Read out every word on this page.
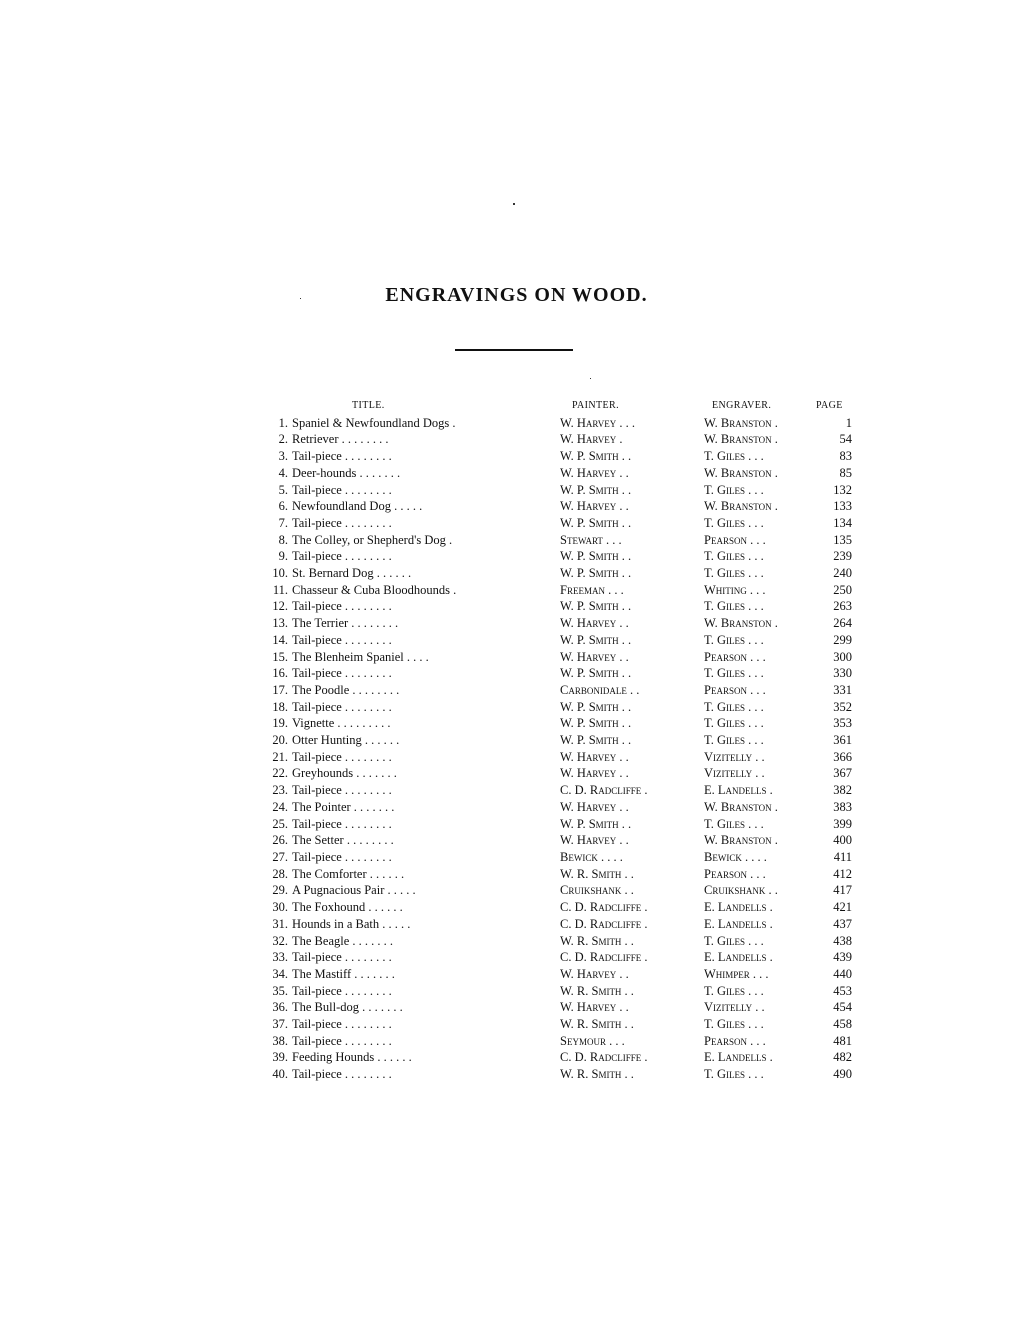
ENGRAVINGS ON WOOD.
	TITLE.	PAINTER.	ENGRAVER.	PAGE
1.	Spaniel & Newfoundland Dogs .	W. Harvey . . .	W. Branston .	1
2.	Retriever . . . . . . . .	W. Harvey .	W. Branston .	54
3.	Tail-piece . . . . . . . .	W. P. Smith . .	T. Giles . . .	83
4.	Deer-hounds . . . . . . .	W. Harvey . .	W. Branston .	85
5.	Tail-piece . . . . . . . .	W. P. Smith . .	T. Giles . . .	132
6.	Newfoundland Dog . . . . .	W. Harvey . .	W. Branston .	133
7.	Tail-piece . . . . . . . .	W. P. Smith . .	T. Giles . . .	134
8.	The Colley, or Shepherd's Dog .	Stewart . . .	Pearson . . .	135
9.	Tail-piece . . . . . . . .	W. P. Smith . .	T. Giles . . .	239
10.	St. Bernard Dog . . . . . .	W. P. Smith . .	T. Giles . . .	240
11.	Chasseur & Cuba Bloodhounds .	Freeman . . .	Whiting . . .	250
12.	Tail-piece . . . . . . . .	W. P. Smith . .	T. Giles . . .	263
13.	The Terrier . . . . . . . .	W. Harvey . .	W. Branston .	264
14.	Tail-piece . . . . . . . .	W. P. Smith . .	T. Giles . . .	299
15.	The Blenheim Spaniel . . . .	W. Harvey . .	Pearson . . .	300
16.	Tail-piece . . . . . . . .	W. P. Smith . .	T. Giles . . .	330
17.	The Poodle . . . . . . . .	Carbonidale . .	Pearson . . .	331
18.	Tail-piece . . . . . . . .	W. P. Smith . .	T. Giles . . .	352
19.	Vignette . . . . . . . . .	W. P. Smith . .	T. Giles . . .	353
20.	Otter Hunting . . . . . .	W. P. Smith . .	T. Giles . . .	361
21.	Tail-piece . . . . . . . .	W. Harvey . .	Vizitelly . .	366
22.	Greyhounds . . . . . . .	W. Harvey . .	Vizitelly . .	367
23.	Tail-piece . . . . . . . .	C. D. Radcliffe .	E. Landells .	382
24.	The Pointer . . . . . . .	W. Harvey . .	W. Branston .	383
25.	Tail-piece . . . . . . . .	W. P. Smith . .	T. Giles . . .	399
26.	The Setter . . . . . . . .	W. Harvey . .	W. Branston .	400
27.	Tail-piece . . . . . . . .	Bewick . . . .	Bewick . . . .	411
28.	The Comforter . . . . . .	W. R. Smith . .	Pearson . . .	412
29.	A Pugnacious Pair . . . . .	Cruikshank . .	Cruikshank . .	417
30.	The Foxhound . . . . . .	C. D. Radcliffe .	E. Landells .	421
31.	Hounds in a Bath . . . . .	C. D. Radcliffe .	E. Landells .	437
32.	The Beagle . . . . . . .	W. R. Smith . .	T. Giles . . .	438
33.	Tail-piece . . . . . . . .	C. D. Radcliffe .	E. Landells .	439
34.	The Mastiff . . . . . . .	W. Harvey . .	Whimper . . .	440
35.	Tail-piece . . . . . . . .	W. R. Smith . .	T. Giles . . .	453
36.	The Bull-dog . . . . . . .	W. Harvey . .	Vizitelly . .	454
37.	Tail-piece . . . . . . . .	W. R. Smith . .	T. Giles . . .	458
38.	Tail-piece . . . . . . . .	Seymour . . .	Pearson . . .	481
39.	Feeding Hounds . . . . . .	C. D. Radcliffe .	E. Landells .	482
40.	Tail-piece . . . . . . . .	W. R. Smith . .	T. Giles . . .	490
